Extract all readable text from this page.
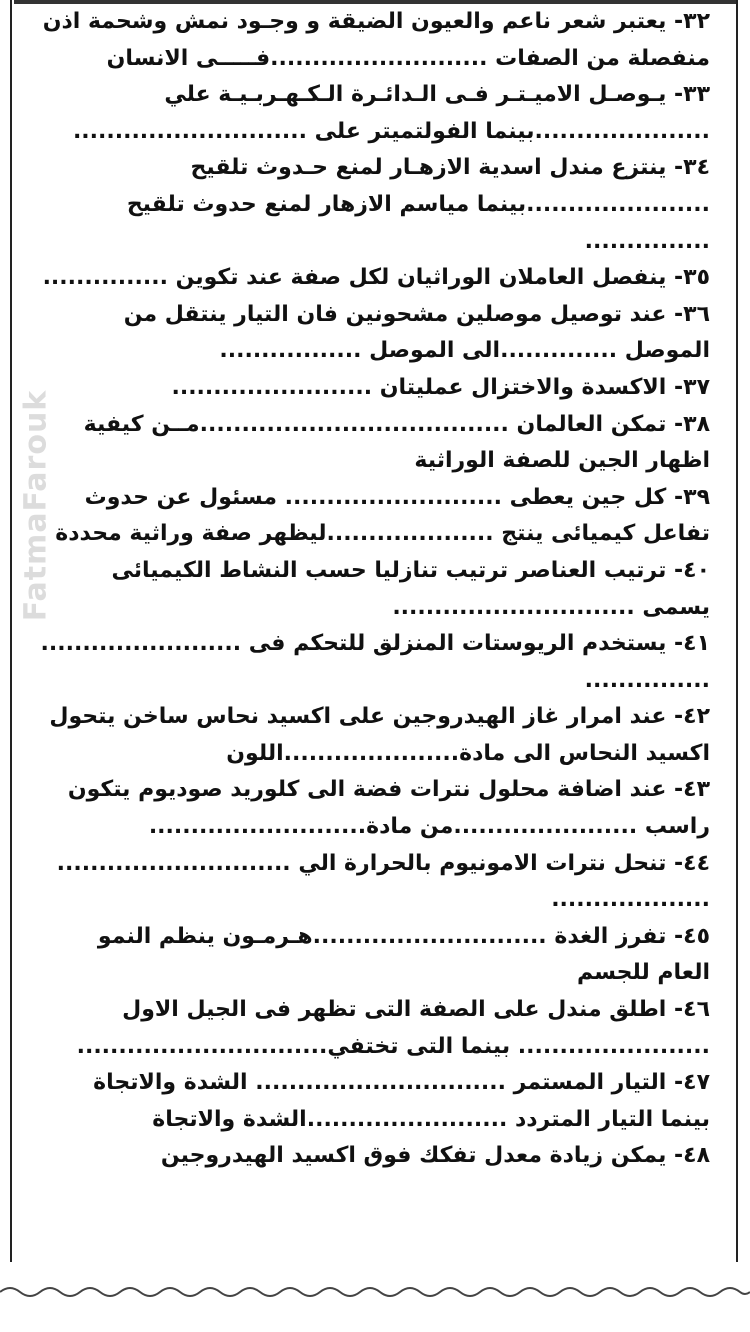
FatmaFarouk

٣٢- يعتبر شعر ناعم والعيون الضيقة و وجـود نمش وشحمة اذن منفصلة من الصفات ..........................فـــــى الانسان

٣٣- يـوصـل الاميـتـر فـى الـدائـرة الـكـهـربـيـة علي .....................بينما الفولتميتر على ............................

٣٤- ينتزع مندل اسدية الازهـار لمنع حـدوث تلقيح ......................بينما مياسم الازهار لمنع حدوث تلقيح ...............

٣٥- ينفصل العاملان الوراثيان لكل صفة عند تكوين ...............

٣٦- عند توصيل موصلين مشحونين فان التيار ينتقل من الموصل ..............الى الموصل .................

٣٧- الاكسدة والاختزال عمليتان ........................

٣٨- تمكن العالمان .....................................مــن كيفية اظهار الجين للصفة الوراثية

٣٩- كل جين يعطى .......................... مسئول عن حدوث تفاعل كيميائى ينتج ....................ليظهر صفة وراثية محددة

٤٠- ترتيب العناصر ترتيب تنازليا حسب النشاط الكيميائى يسمى .............................

٤١- يستخدم الريوستات المنزلق للتحكم فى ........................ ...............

٤٢- عند امرار غاز الهيدروجين على اكسيد نحاس ساخن يتحول اكسيد النحاس الى مادة.....................اللون

٤٣- عند اضافة محلول نترات فضة الى كلوريد صوديوم يتكون راسب ......................من مادة..........................

٤٤- تنحل نترات الامونيوم بالحرارة الي ............................ ...................

٤٥- تفرز الغدة ............................هـرمـون ينظم النمو العام للجسم

٤٦- اطلق مندل على الصفة التى تظهر فى الجيل الاول ....................... بينما التى تختفي..............................

٤٧- التيار المستمر .............................. الشدة والاتجاة بينما التيار المتردد ........................الشدة والاتجاة

٤٨- يمكن زيادة معدل تفكك فوق اكسيد الهيدروجين
